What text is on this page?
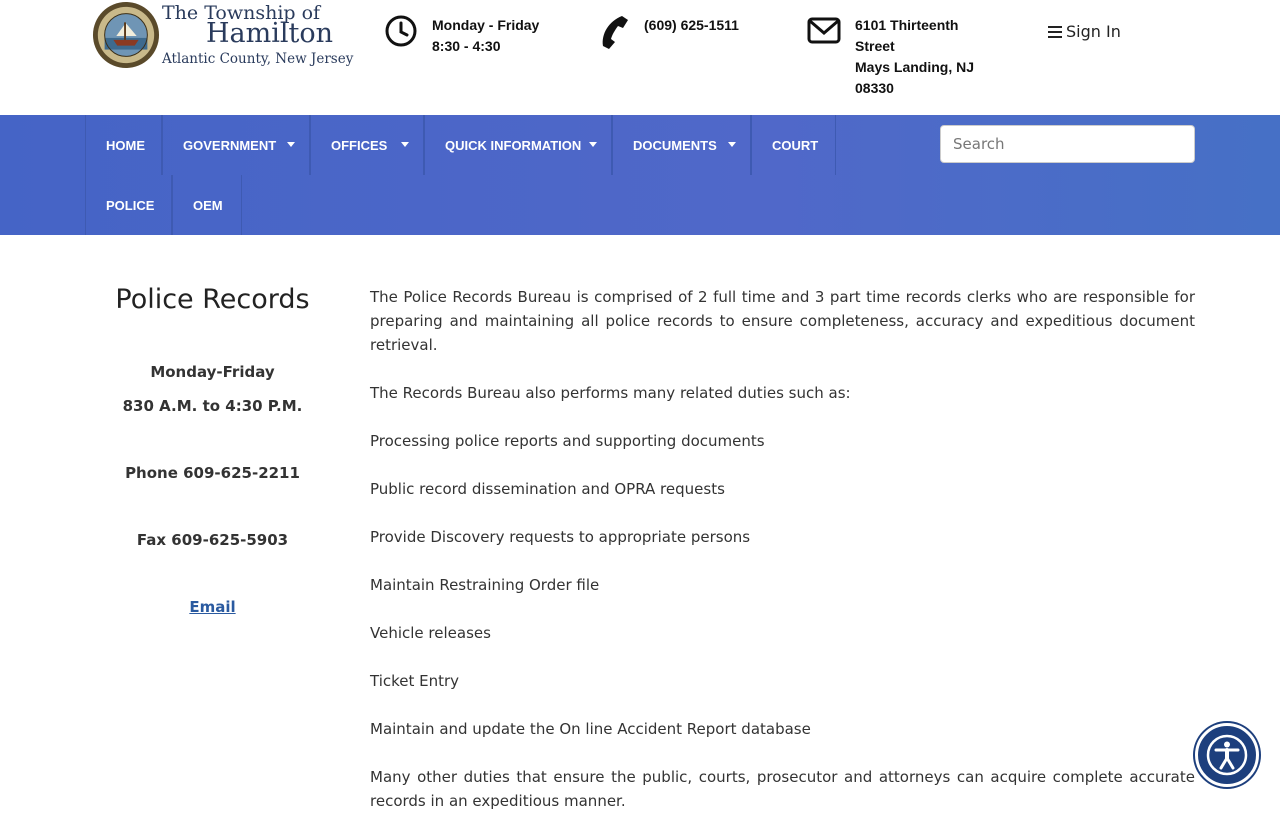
The Township of
Hamilton
Atlantic County, New Jersey
Monday - Friday
8:30 - 4:30
(609) 625-1511	6101 Thirteenth
Street
Mays Landing, NJ
08330
Sign In
HOME	GOVERNMENT	OFFICES	QUICK INFORMATION	DOCUMENTS	COURT
POLICE	OEM
Search
Police Records
Monday-Friday
830 A.M. to 4:30 P.M.
Phone 609-625-2211
Fax 609-625-5903
Email
The Police Records Bureau is comprised of 2 full time and 3 part time records clerks who are responsible for preparing and maintaining all police records to ensure completeness, accuracy and expeditious document retrieval.
The Records Bureau also performs many related duties such as:
Processing police reports and supporting documents
Public record dissemination and OPRA requests
Provide Discovery requests to appropriate persons
Maintain Restraining Order file
Vehicle releases
Ticket Entry
Maintain and update the On line Accident Report database
Many other duties that ensure the public, courts, prosecutor and attorneys can acquire complete accurate records in an expeditious manner.
